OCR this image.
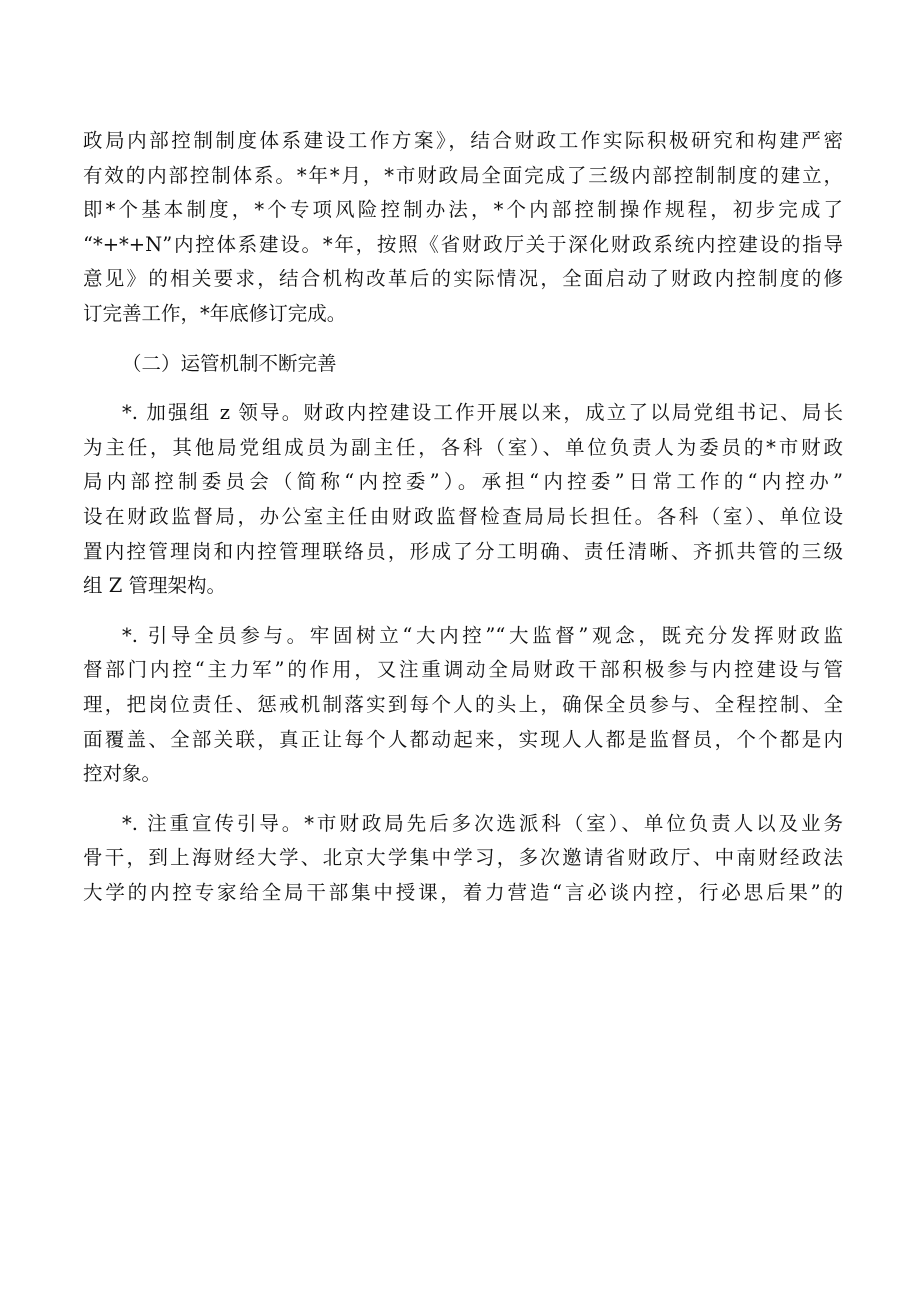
政局内部控制制度体系建设工作方案》，结合财政工作实际积极研究和构建严密
有效的内部控制体系。*年*月，*市财政局全面完成了三级内部控制制度的建立，
即*个基本制度，*个专项风险控制办法，*个内部控制操作规程，初步完成了
“*+*+N”内控体系建设。*年，按照《省财政厅关于深化财政系统内控建设的指导
意见》的相关要求，结合机构改革后的实际情况，全面启动了财政内控制度的修
订完善工作，*年底修订完成。
（二）运管机制不断完善
*. 加强组 z 领导。财政内控建设工作开展以来，成立了以局党组书记、局长
为主任，其他局党组成员为副主任，各科（室）、单位负责人为委员的*市财政
局内部控制委员会（简称“内控委”）。承担“内控委”日常工作的“内控办”
设在财政监督局，办公室主任由财政监督检查局局长担任。各科（室）、单位设
置内控管理岗和内控管理联络员，形成了分工明确、责任清晰、齐抓共管的三级
组 Z 管理架构。
*. 引导全员参与。牢固树立“大内控”“大监督”观念，既充分发挥财政监
督部门内控“主力军”的作用，又注重调动全局财政干部积极参与内控建设与管
理，把岗位责任、惩戒机制落实到每个人的头上，确保全员参与、全程控制、全
面覆盖、全部关联，真正让每个人都动起来，实现人人都是监督员，个个都是内
控对象。
*. 注重宣传引导。*市财政局先后多次选派科（室）、单位负责人以及业务
骨干，到上海财经大学、北京大学集中学习，多次邀请省财政厅、中南财经政法
大学的内控专家给全局干部集中授课，着力营造“言必谈内控，行必思后果”的
